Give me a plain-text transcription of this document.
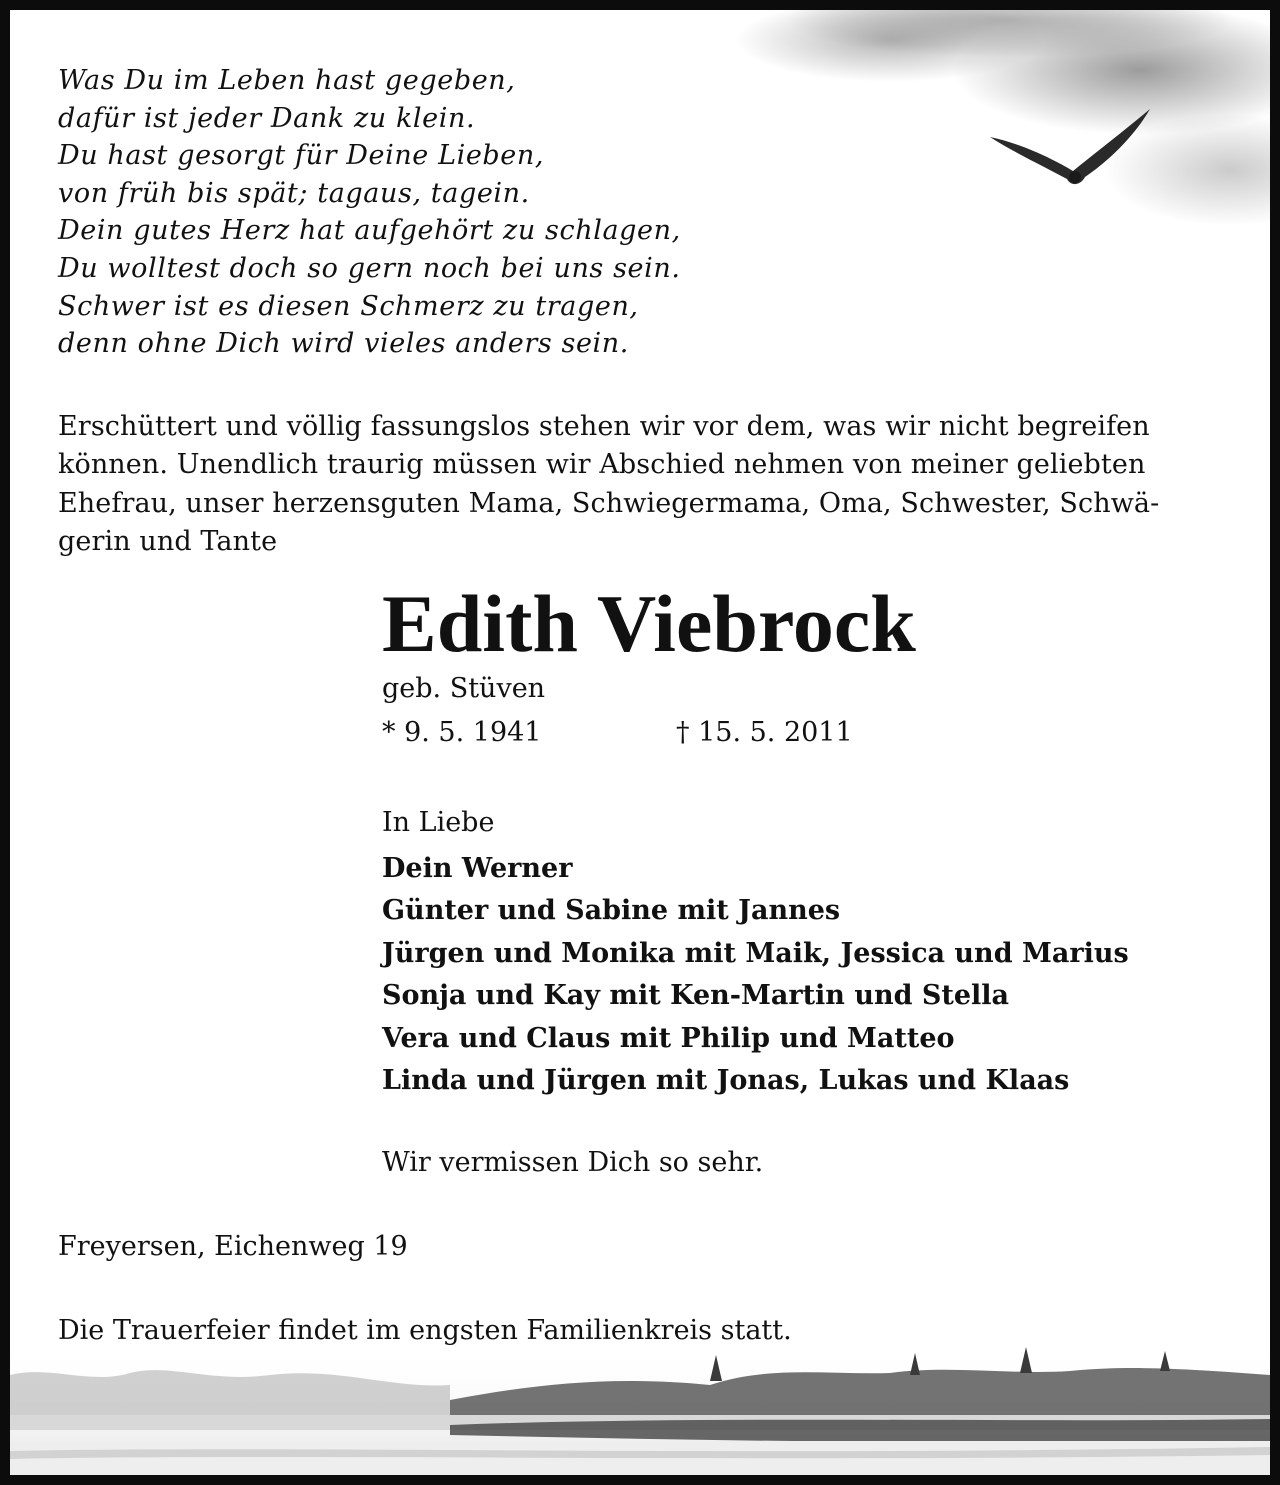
Was Du im Leben hast gegeben,
dafür ist jeder Dank zu klein.
Du hast gesorgt für Deine Lieben,
von früh bis spät; tagaus, tagein.
Dein gutes Herz hat aufgehört zu schlagen,
Du wolltest doch so gern noch bei uns sein.
Schwer ist es diesen Schmerz zu tragen,
denn ohne Dich wird vieles anders sein.
Erschüttert und völlig fassungslos stehen wir vor dem, was wir nicht begreifen
können. Unendlich traurig müssen wir Abschied nehmen von meiner geliebten
Ehefrau, unser herzensguten Mama, Schwiegermama, Oma, Schwester, Schwä-
gerin und Tante
Edith Viebrock
geb. Stüven
* 9. 5. 1941	† 15. 5. 2011
In Liebe
Dein Werner
Günter und Sabine mit Jannes
Jürgen und Monika mit Maik, Jessica und Marius
Sonja und Kay mit Ken-Martin und Stella
Vera und Claus mit Philip und Matteo
Linda und Jürgen mit Jonas, Lukas und Klaas
Wir vermissen Dich so sehr.
Freyersen, Eichenweg 19
Die Trauerfeier findet im engsten Familienkreis statt.
